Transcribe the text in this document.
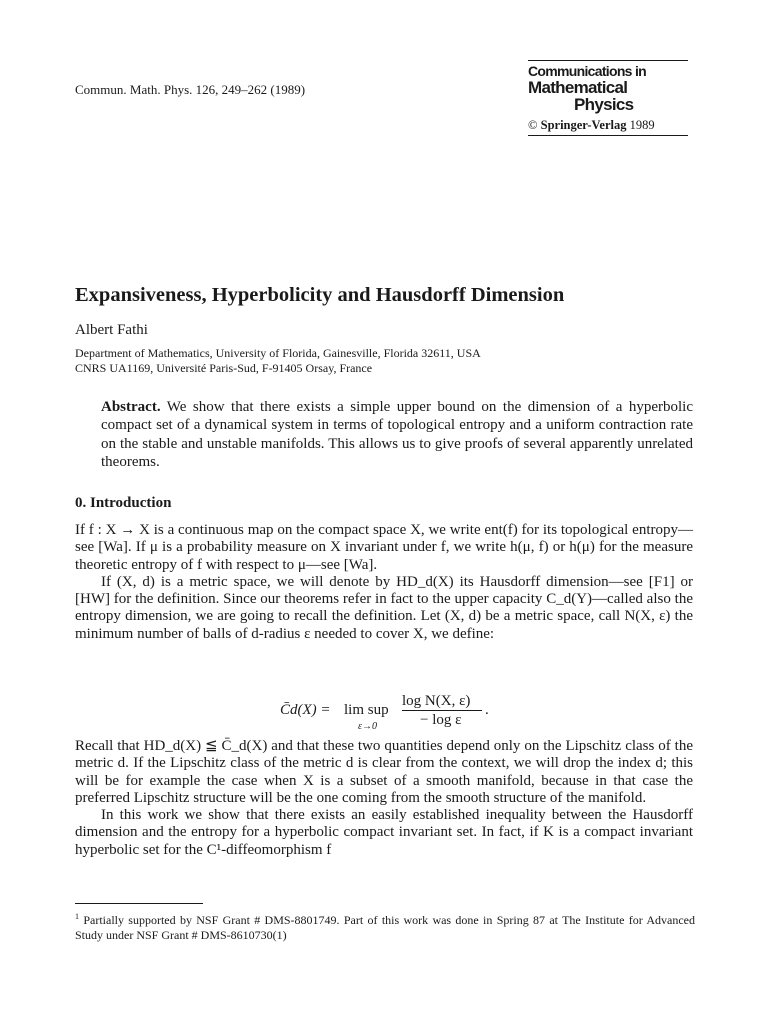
Commun. Math. Phys. 126, 249–262 (1989)
Communications in
Mathematical
Physics
© Springer-Verlag 1989
Expansiveness, Hyperbolicity and Hausdorff Dimension
Albert Fathi
Department of Mathematics, University of Florida, Gainesville, Florida 32611, USA
CNRS UA1169, Université Paris-Sud, F-91405 Orsay, France
Abstract. We show that there exists a simple upper bound on the dimension of a hyperbolic compact set of a dynamical system in terms of topological entropy and a uniform contraction rate on the stable and unstable manifolds. This allows us to give proofs of several apparently unrelated theorems.
0. Introduction

If f : X → X is a continuous map on the compact space X, we write ent(f) for its topological entropy—see [Wa]. If μ is a probability measure on X invariant under f, we write h(μ, f) or h(μ) for the measure theoretic entropy of f with respect to μ—see [Wa].

If (X, d) is a metric space, we will denote by HD_d(X) its Hausdorff dimension—see [F1] or [HW] for the definition. Since our theorems refer in fact to the upper capacity C_d(Y)—called also the entropy dimension, we are going to recall the definition. Let (X, d) be a metric space, call N(X, ε) the minimum number of balls of d-radius ε needed to cover X, we define:

C̄d(X) = lim sup
ε→0
log N(X, ε)
− log ε
.

Recall that HD_d(X) ≦ C̄_d(X) and that these two quantities depend only on the Lipschitz class of the metric d. If the Lipschitz class of the metric d is clear from the context, we will drop the index d; this will be for example the case when X is a subset of a smooth manifold, because in that case the preferred Lipschitz structure will be the one coming from the smooth structure of the manifold.

In this work we show that there exists an easily established inequality between the Hausdorff dimension and the entropy for a hyperbolic compact invariant set. In fact, if K is a compact invariant hyperbolic set for the C¹-diffeomorphism f

$^1$ Partially supported by NSF Grant # DMS-8801749. Part of this work was done in Spring 87 at The Institute for Advanced Study under NSF Grant # DMS-8610730(1)
